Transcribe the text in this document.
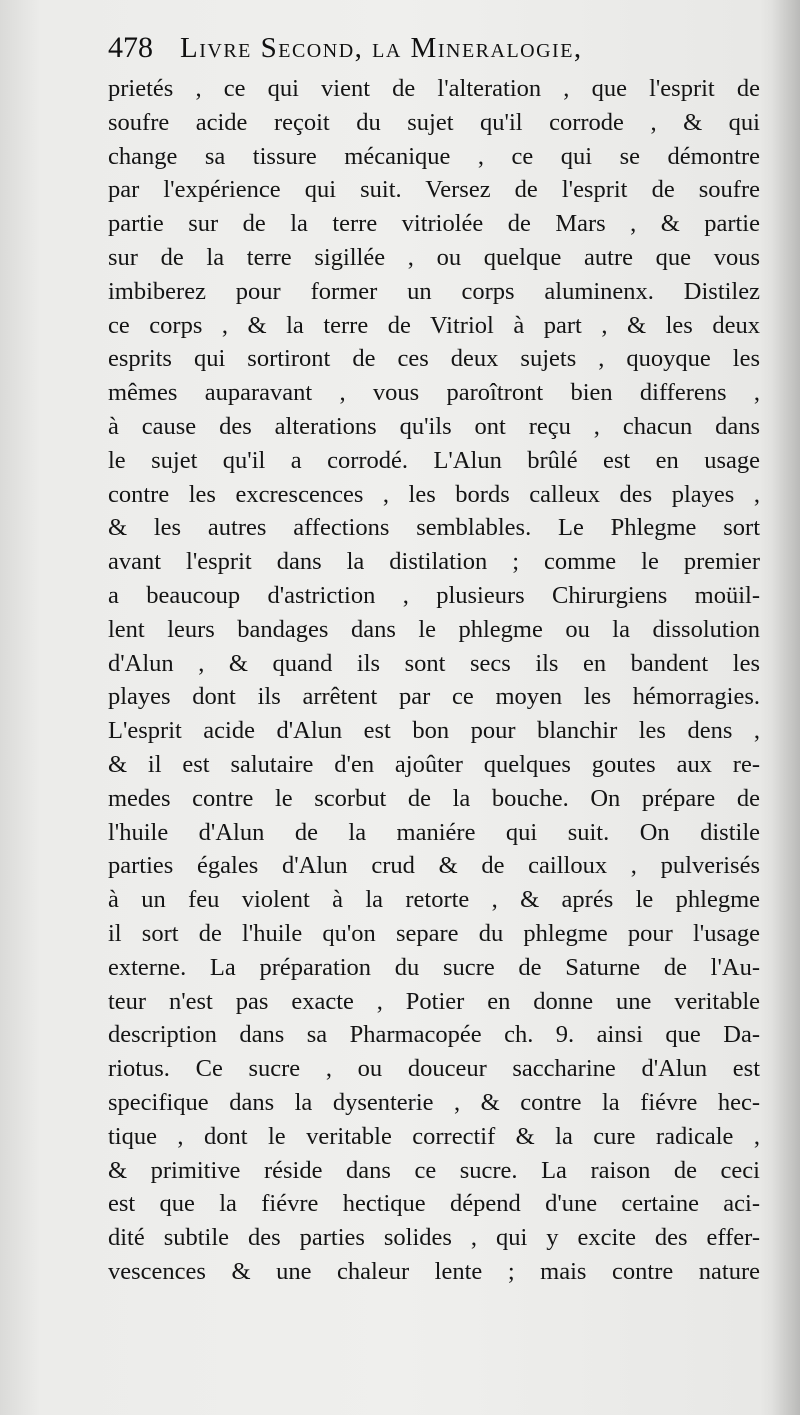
478 Livre Second, la Mineralogie,
prietés , ce qui vient de l'alteration , que l'esprit de
soufre acide reçoit du sujet qu'il corrode , & qui
change sa tissure mécanique , ce qui se démontre
par l'expérience qui suit. Versez de l'esprit de soufre
partie sur de la terre vitriolée de Mars , & partie
sur de la terre sigillée , ou quelque autre que vous
imbiberez pour former un corps aluminenx. Distilez
ce corps , & la terre de Vitriol à part , & les deux
esprits qui sortiront de ces deux sujets , quoyque les
mêmes auparavant , vous paroîtront bien differens ,
à cause des alterations qu'ils ont reçu , chacun dans
le sujet qu'il a corrodé. L'Alun brûlé est en usage
contre les excrescences , les bords calleux des playes ,
& les autres affections semblables. Le Phlegme sort
avant l'esprit dans la distilation ; comme le premier
a beaucoup d'astriction , plusieurs Chirurgiens moüil-
lent leurs bandages dans le phlegme ou la dissolution
d'Alun , & quand ils sont secs ils en bandent les
playes dont ils arrêtent par ce moyen les hémorragies.
L'esprit acide d'Alun est bon pour blanchir les dens ,
& il est salutaire d'en ajoûter quelques goutes aux re-
medes contre le scorbut de la bouche. On prépare de
l'huile d'Alun de la maniére qui suit. On distile
parties égales d'Alun crud & de cailloux , pulverisés
à un feu violent à la retorte , & aprés le phlegme
il sort de l'huile qu'on separe du phlegme pour l'usage
externe. La préparation du sucre de Saturne de l'Au-
teur n'est pas exacte , Potier en donne une veritable
description dans sa Pharmacopée ch. 9. ainsi que Da-
riotus. Ce sucre , ou douceur saccharine d'Alun est
specifique dans la dysenterie , & contre la fiévre hec-
tique , dont le veritable correctif & la cure radicale ,
& primitive réside dans ce sucre. La raison de ceci
est que la fiévre hectique dépend d'une certaine aci-
dité subtile des parties solides , qui y excite des effer-
vescences & une chaleur lente ; mais contre nature
